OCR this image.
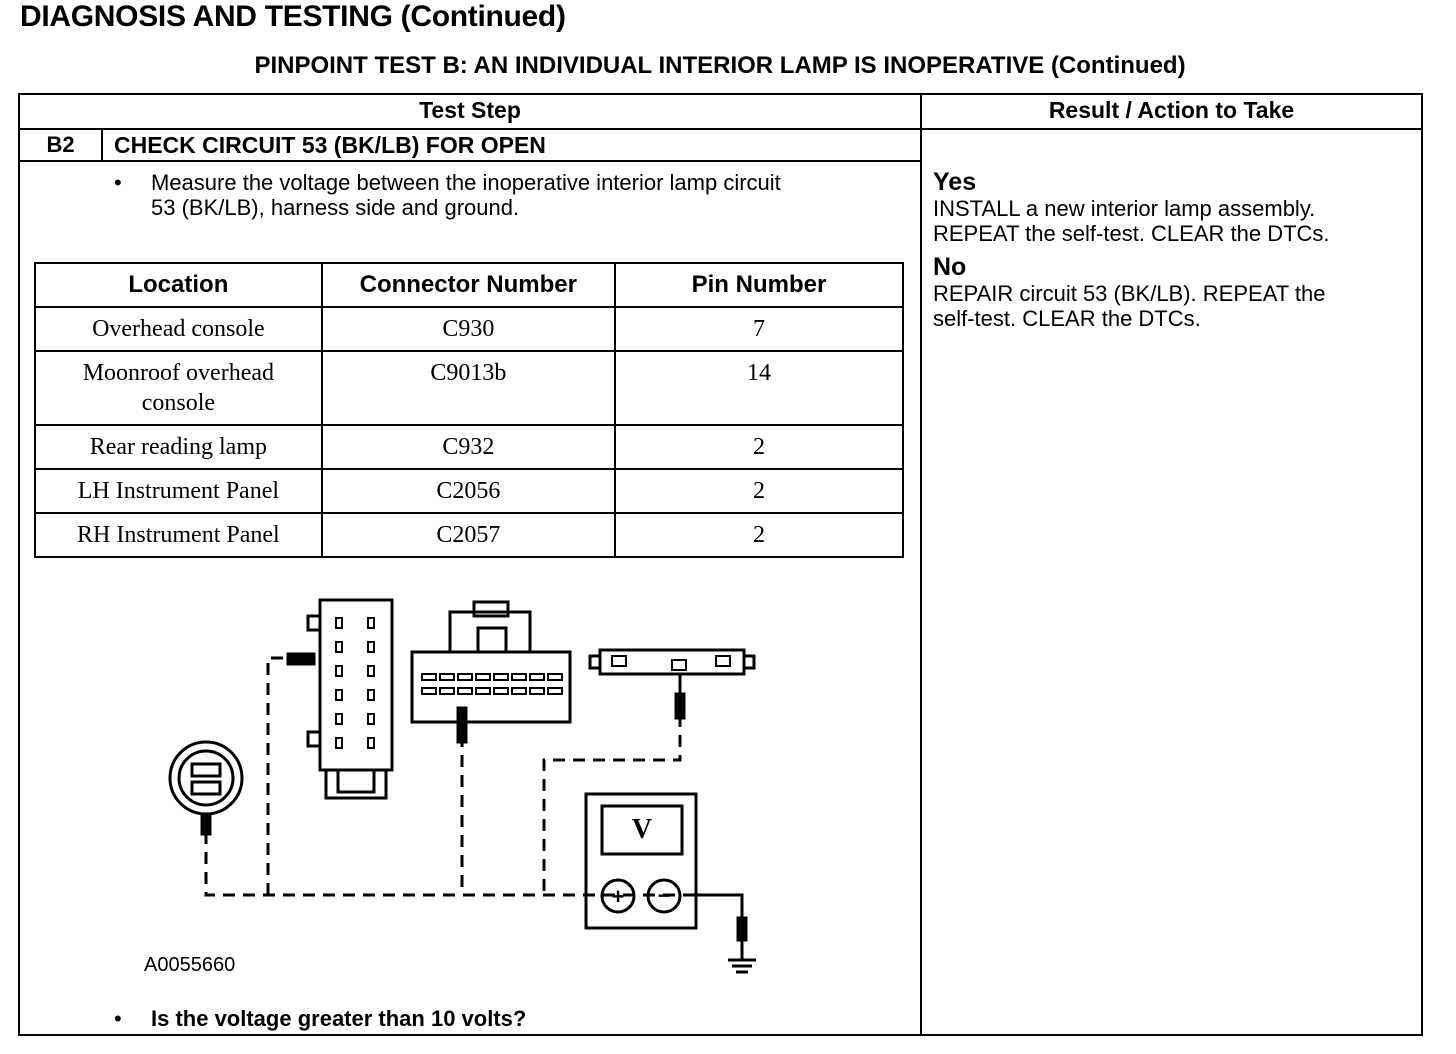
DIAGNOSIS AND TESTING (Continued)
PINPOINT TEST B: AN INDIVIDUAL INTERIOR LAMP IS INOPERATIVE (Continued)
Test Step	Result / Action to Take
B2	CHECK CIRCUIT 53 (BK/LB) FOR OPEN
• Measure the voltage between the inoperative interior lamp circuit
53 (BK/LB), harness side and ground.
Location	Connector Number	Pin Number
Overhead console	C930	7

Moonroof overhead console	C9013b	14
Rear reading lamp	C932	2
LH Instrument Panel	C2056	2
RH Instrument Panel	C2057	2
V
+ −
A0055660
• Is the voltage greater than 10 volts?
Yes
INSTALL a new interior lamp assembly.
REPEAT the self-test. CLEAR the DTCs.
No
REPAIR circuit 53 (BK/LB). REPEAT the
self-test. CLEAR the DTCs.
